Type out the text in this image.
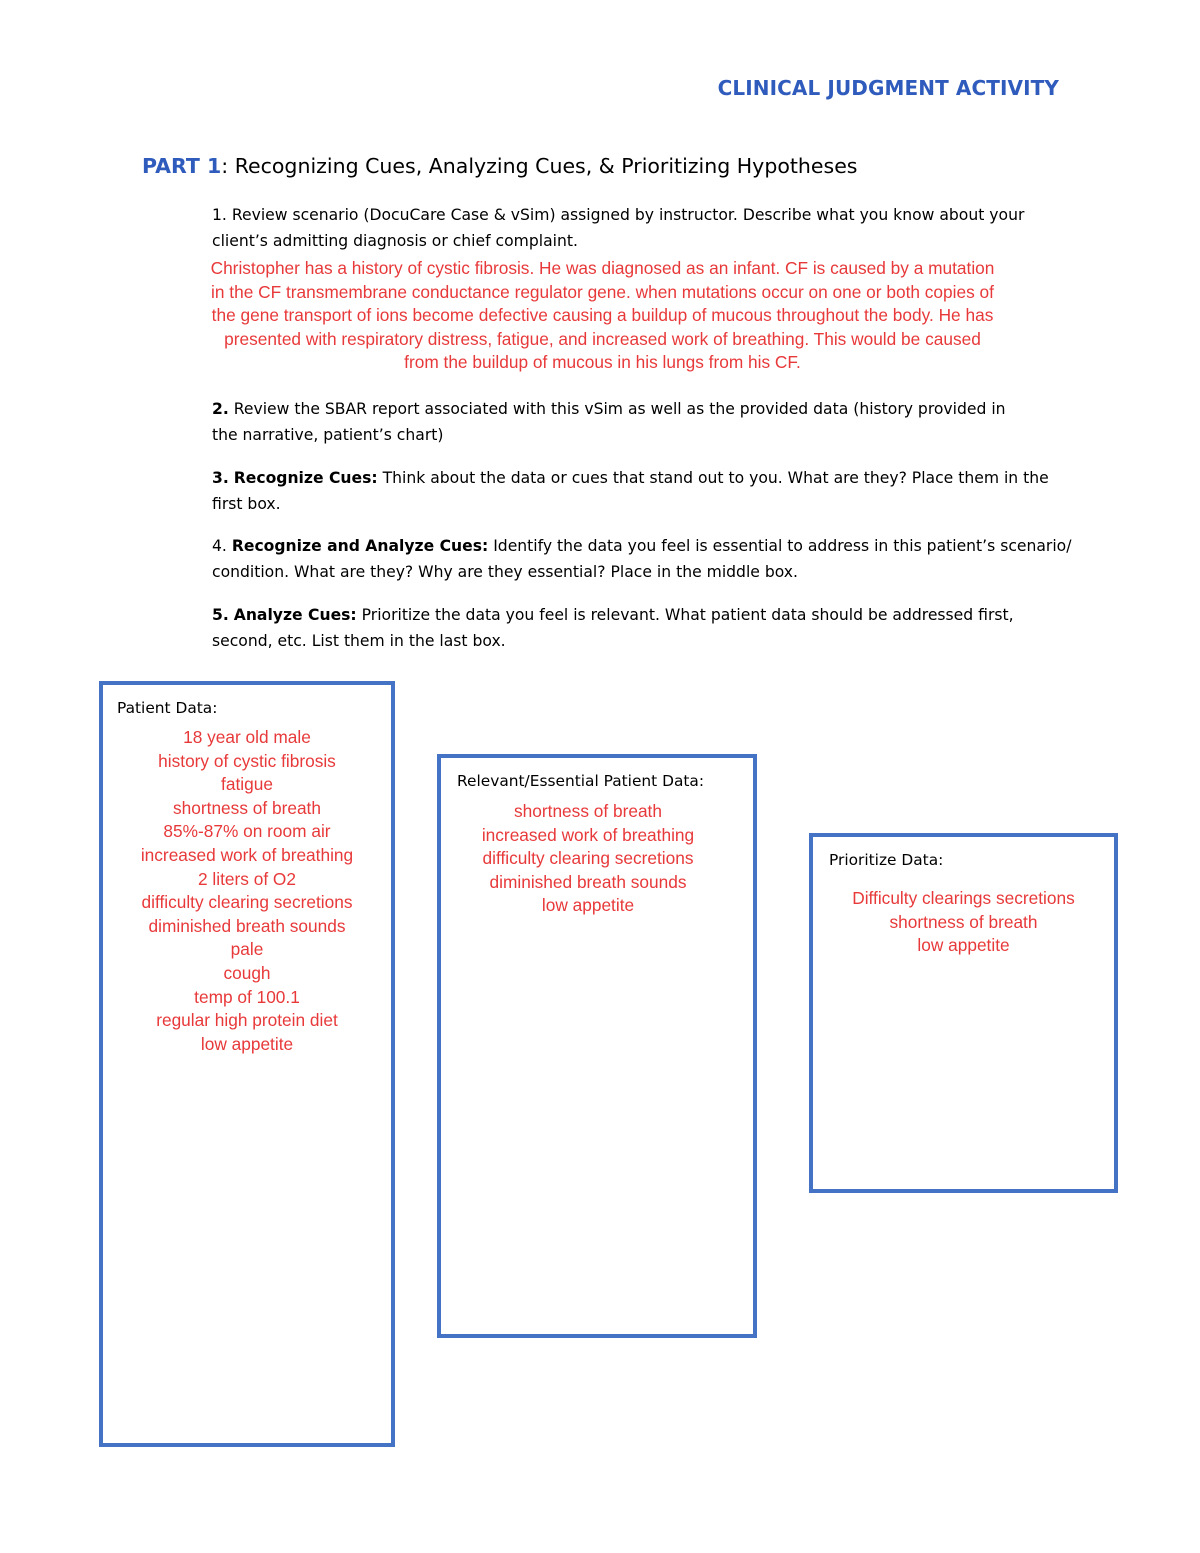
CLINICAL JUDGMENT ACTIVITY
PART 1: Recognizing Cues, Analyzing Cues, & Prioritizing Hypotheses
1. Review scenario (DocuCare Case & vSim) assigned by instructor. Describe what you know about your client’s admitting diagnosis or chief complaint.
Christopher has a history of cystic fibrosis. He was diagnosed as an infant. CF is caused by a mutation
in the CF transmembrane conductance regulator gene. when mutations occur on one or both copies of
the gene transport of ions become defective causing a buildup of mucous throughout the body. He has
presented with respiratory distress, fatigue, and increased work of breathing. This would be caused
from the buildup of mucous in his lungs from his CF.
2. Review the SBAR report associated with this vSim as well as the provided data (history provided in the narrative, patient’s chart)
3. Recognize Cues: Think about the data or cues that stand out to you. What are they? Place them in the first box.
4. Recognize and Analyze Cues: Identify the data you feel is essential to address in this patient’s scenario/ condition. What are they? Why are they essential? Place in the middle box.
5. Analyze Cues: Prioritize the data you feel is relevant. What patient data should be addressed first, second, etc. List them in the last box.
Patient Data:
18 year old male
history of cystic fibrosis
fatigue
shortness of breath
85%-87% on room air
increased work of breathing
2 liters of O2
difficulty clearing secretions
diminished breath sounds
pale
cough
temp of 100.1
regular high protein diet
low appetite
Relevant/Essential Patient Data:
shortness of breath
increased work of breathing
difficulty clearing secretions
diminished breath sounds
low appetite
Prioritize Data:
Difficulty clearings secretions
shortness of breath
low appetite
